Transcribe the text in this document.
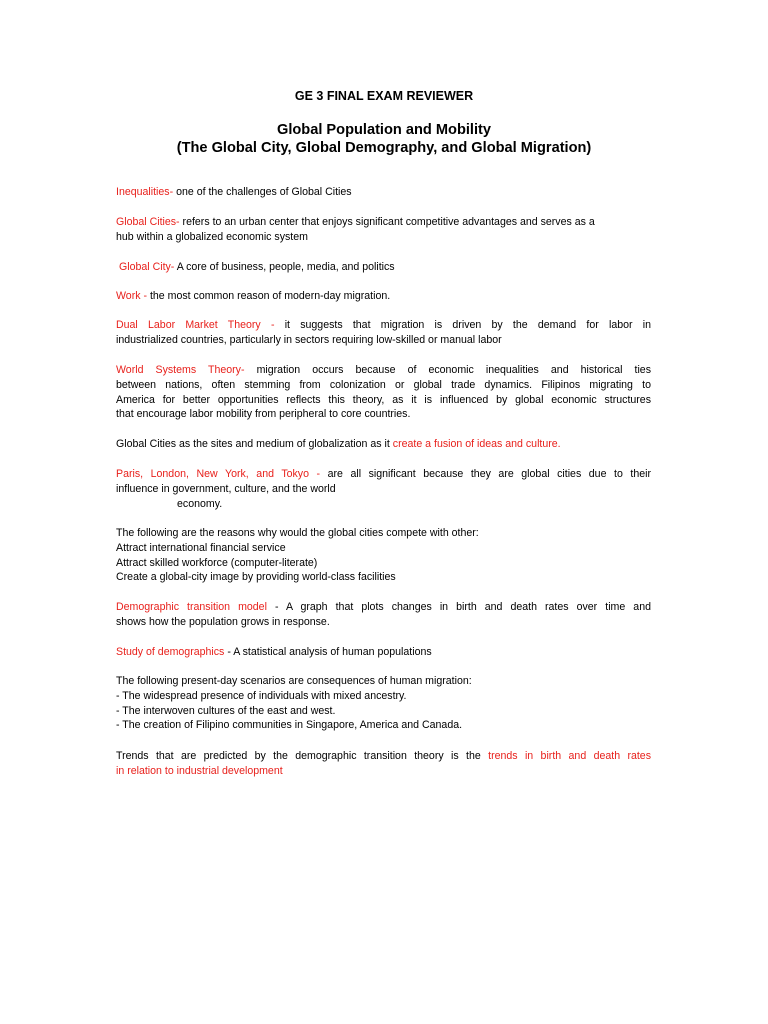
GE 3 FINAL EXAM REVIEWER
Global Population and Mobility
(The Global City, Global Demography, and Global Migration)
Inequalities- one of the challenges of Global Cities
Global Cities- refers to an urban center that enjoys significant competitive advantages and serves as a
hub within a globalized economic system
Global City- A core of business, people, media, and politics
Work - the most common reason of modern-day migration.
Dual Labor Market Theory - it suggests that migration is driven by the demand for labor in
industrialized countries, particularly in sectors requiring low-skilled or manual labor
World Systems Theory- migration occurs because of economic inequalities and historical ties
between nations, often stemming from colonization or global trade dynamics. Filipinos migrating to
America for better opportunities reflects this theory, as it is influenced by global economic structures
that encourage labor mobility from peripheral to core countries.
Global Cities as the sites and medium of globalization as it create a fusion of ideas and culture.
Paris, London, New York, and Tokyo - are all significant because they are global cities due to their
influence in government, culture, and the world
economy.
The following are the reasons why would the global cities compete with other:
Attract international financial service
Attract skilled workforce (computer-literate)
Create a global-city image by providing world-class facilities
Demographic transition model - A graph that plots changes in birth and death rates over time and
shows how the population grows in response.
Study of demographics - A statistical analysis of human populations
The following present-day scenarios are consequences of human migration:
- The widespread presence of individuals with mixed ancestry.
- The interwoven cultures of the east and west.
- The creation of Filipino communities in Singapore, America and Canada.
Trends that are predicted by the demographic transition theory is the trends in birth and death rates
in relation to industrial development
